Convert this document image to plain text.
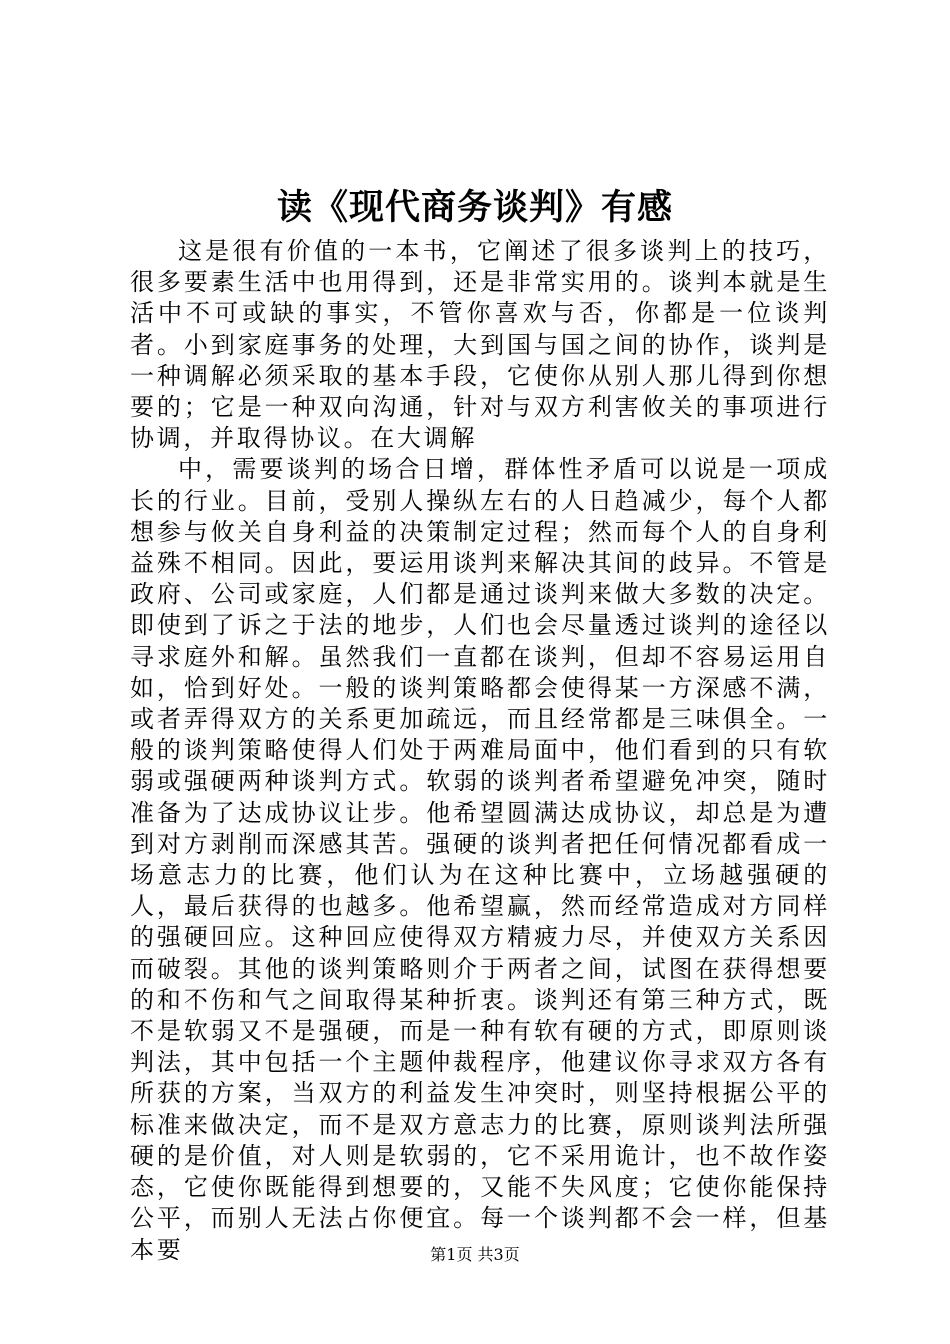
读《现代商务谈判》有感

这是很有价值的一本书，它阐述了很多谈判上的技巧，很多要素生活中也用得到，还是非常实用的。谈判本就是生活中不可或缺的事实，不管你喜欢与否，你都是一位谈判者。小到家庭事务的处理，大到国与国之间的协作，谈判是一种调解必须采取的基本手段，它使你从别人那儿得到你想要的；它是一种双向沟通，针对与双方利害攸关的事项进行协调，并取得协议。在大调解

中，需要谈判的场合日增，群体性矛盾可以说是一项成长的行业。目前，受别人操纵左右的人日趋减少，每个人都想参与攸关自身利益的决策制定过程；然而每个人的自身利益殊不相同。因此，要运用谈判来解决其间的歧异。不管是政府、公司或家庭，人们都是通过谈判来做大多数的决定。即使到了诉之于法的地步，人们也会尽量透过谈判的途径以寻求庭外和解。虽然我们一直都在谈判，但却不容易运用自如，恰到好处。一般的谈判策略都会使得某一方深感不满，或者弄得双方的关系更加疏远，而且经常都是三味俱全。一般的谈判策略使得人们处于两难局面中，他们看到的只有软弱或强硬两种谈判方式。软弱的谈判者希望避免冲突，随时准备为了达成协议让步。他希望圆满达成协议，却总是为遭到对方剥削而深感其苦。强硬的谈判者把任何情况都看成一场意志力的比赛，他们认为在这种比赛中，立场越强硬的人，最后获得的也越多。他希望赢，然而经常造成对方同样的强硬回应。这种回应使得双方精疲力尽，并使双方关系因而破裂。其他的谈判策略则介于两者之间，试图在获得想要的和不伤和气之间取得某种折衷。谈判还有第三种方式，既不是软弱又不是强硬，而是一种有软有硬的方式，即原则谈判法，其中包括一个主题仲裁程序，他建议你寻求双方各有所获的方案，当双方的利益发生冲突时，则坚持根据公平的标准来做决定，而不是双方意志力的比赛，原则谈判法所强硬的是价值，对人则是软弱的，它不采用诡计，也不故作姿态，它使你既能得到想要的，又能不失风度；它使你能保持公平，而别人无法占你便宜。每一个谈判都不会一样，但基本要	第1页 共3页
